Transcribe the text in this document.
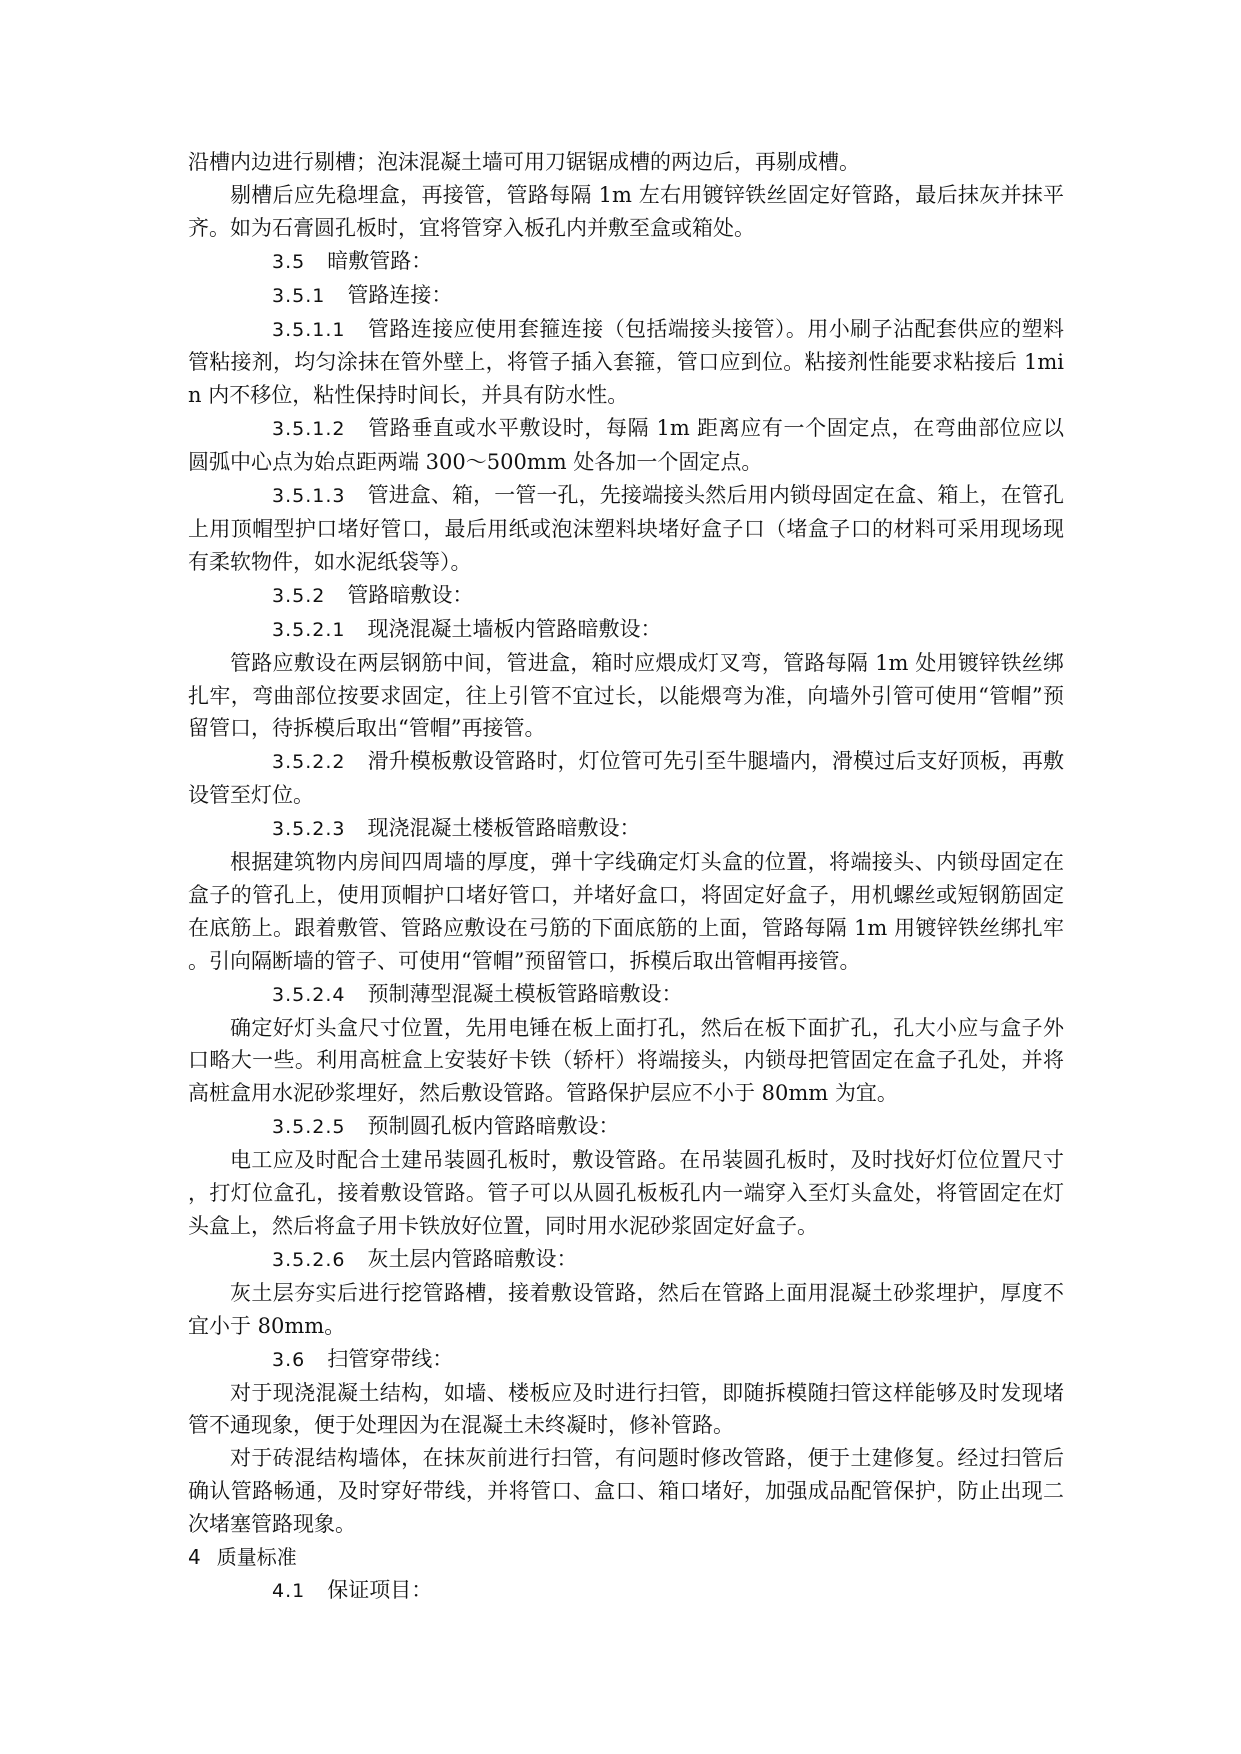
沿槽内边进行剔槽；泡沫混凝土墙可用刀锯锯成槽的两边后，再剔成槽。

剔槽后应先稳埋盒，再接管，管路每隔 1m 左右用镀锌铁丝固定好管路，最后抹灰并抹平齐。如为石膏圆孔板时，宜将管穿入板孔内并敷至盒或箱处。

3.5 暗敷管路：

3.5.1 管路连接：

3.5.1.1 管路连接应使用套箍连接（包括端接头接管）。用小刷子沾配套供应的塑料管粘接剂，均匀涂抹在管外壁上，将管子插入套箍，管口应到位。粘接剂性能要求粘接后 1min 内不移位，粘性保持时间长，并具有防水性。

3.5.1.2 管路垂直或水平敷设时，每隔 1m 距离应有一个固定点，在弯曲部位应以圆弧中心点为始点距两端 300～500mm 处各加一个固定点。

3.5.1.3 管进盒、箱，一管一孔，先接端接头然后用内锁母固定在盒、箱上，在管孔上用顶帽型护口堵好管口，最后用纸或泡沫塑料块堵好盒子口（堵盒子口的材料可采用现场现有柔软物件，如水泥纸袋等）。

3.5.2 管路暗敷设：

3.5.2.1 现浇混凝土墙板内管路暗敷设：

管路应敷设在两层钢筋中间，管进盒，箱时应煨成灯叉弯，管路每隔 1m 处用镀锌铁丝绑扎牢，弯曲部位按要求固定，往上引管不宜过长，以能煨弯为准，向墙外引管可使用“管帽”预留管口，待拆模后取出“管帽”再接管。

3.5.2.2 滑升模板敷设管路时，灯位管可先引至牛腿墙内，滑模过后支好顶板，再敷设管至灯位。

3.5.2.3 现浇混凝土楼板管路暗敷设：

根据建筑物内房间四周墙的厚度，弹十字线确定灯头盒的位置，将端接头、内锁母固定在盒子的管孔上，使用顶帽护口堵好管口，并堵好盒口，将固定好盒子，用机螺丝或短钢筋固定在底筋上。跟着敷管、管路应敷设在弓筋的下面底筋的上面，管路每隔 1m 用镀锌铁丝绑扎牢。引向隔断墙的管子、可使用“管帽”预留管口，拆模后取出管帽再接管。

3.5.2.4 预制薄型混凝土模板管路暗敷设：

确定好灯头盒尺寸位置，先用电锤在板上面打孔，然后在板下面扩孔，孔大小应与盒子外口略大一些。利用高桩盒上安装好卡铁（轿杆）将端接头，内锁母把管固定在盒子孔处，并将高桩盒用水泥砂浆埋好，然后敷设管路。管路保护层应不小于 80mm 为宜。

3.5.2.5 预制圆孔板内管路暗敷设：

电工应及时配合土建吊装圆孔板时，敷设管路。在吊装圆孔板时，及时找好灯位位置尺寸，打灯位盒孔，接着敷设管路。管子可以从圆孔板板孔内一端穿入至灯头盒处，将管固定在灯头盒上，然后将盒子用卡铁放好位置，同时用水泥砂浆固定好盒子。

3.5.2.6 灰土层内管路暗敷设：

灰土层夯实后进行挖管路槽，接着敷设管路，然后在管路上面用混凝土砂浆埋护，厚度不宜小于 80mm。

3.6 扫管穿带线：

对于现浇混凝土结构，如墙、楼板应及时进行扫管，即随拆模随扫管这样能够及时发现堵管不通现象，便于处理因为在混凝土未终凝时，修补管路。

对于砖混结构墙体，在抹灰前进行扫管，有问题时修改管路，便于土建修复。经过扫管后确认管路畅通，及时穿好带线，并将管口、盒口、箱口堵好，加强成品配管保护，防止出现二次堵塞管路现象。

4 质量标准

4.1 保证项目：
